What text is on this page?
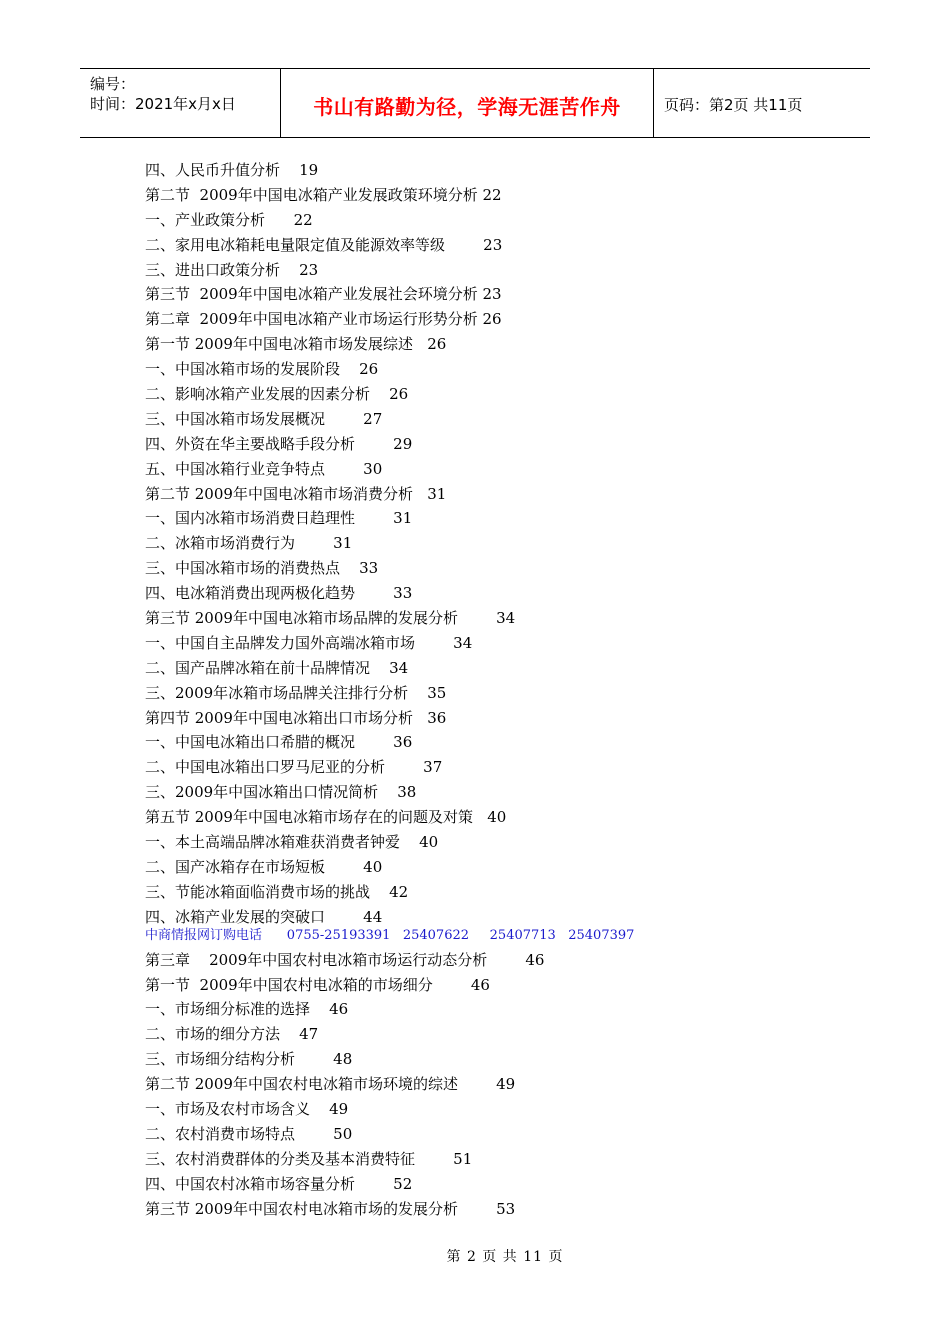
编号：
时间：2021年x月x日	书山有路勤为径，学海无涯苦作舟	页码：第2页 共11页
四、人民币升值分析    19
第二节  2009年中国电冰箱产业发展政策环境分析 22
一、产业政策分析      22
二、家用电冰箱耗电量限定值及能源效率等级        23
三、进出口政策分析    23
第三节  2009年中国电冰箱产业发展社会环境分析 23
第二章  2009年中国电冰箱产业市场运行形势分析 26
第一节 2009年中国电冰箱市场发展综述   26
一、中国冰箱市场的发展阶段    26
二、影响冰箱产业发展的因素分析    26
三、中国冰箱市场发展概况        27
四、外资在华主要战略手段分析        29
五、中国冰箱行业竞争特点        30
第二节 2009年中国电冰箱市场消费分析   31
一、国内冰箱市场消费日趋理性        31
二、冰箱市场消费行为        31
三、中国冰箱市场的消费热点    33
四、电冰箱消费出现两极化趋势        33
第三节 2009年中国电冰箱市场品牌的发展分析        34
一、中国自主品牌发力国外高端冰箱市场        34
二、国产品牌冰箱在前十品牌情况    34
三、2009年冰箱市场品牌关注排行分析    35
第四节 2009年中国电冰箱出口市场分析   36
一、中国电冰箱出口希腊的概况        36
二、中国电冰箱出口罗马尼亚的分析        37
三、2009年中国冰箱出口情况简析    38
第五节 2009年中国电冰箱市场存在的问题及对策   40
一、本土高端品牌冰箱难获消费者钟爱    40
二、国产冰箱存在市场短板        40
三、节能冰箱面临消费市场的挑战    42
四、冰箱产业发展的突破口        44
中商情报网订购电话      0755-25193391   25407622     25407713   25407397
第三章    2009年中国农村电冰箱市场运行动态分析        46
第一节  2009年中国农村电冰箱的市场细分        46
一、市场细分标准的选择    46
二、市场的细分方法    47
三、市场细分结构分析        48
第二节 2009年中国农村电冰箱市场环境的综述        49
一、市场及农村市场含义    49
二、农村消费市场特点        50
三、农村消费群体的分类及基本消费特征        51
四、中国农村冰箱市场容量分析        52
第三节 2009年中国农村电冰箱市场的发展分析        53
第 2 页 共 11 页
